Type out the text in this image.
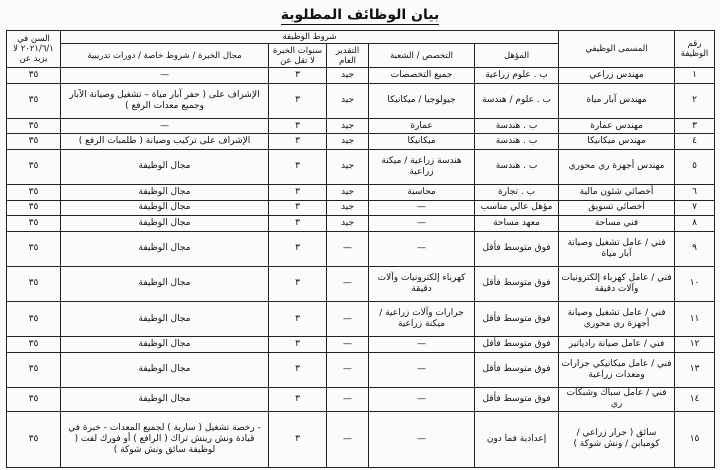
بيان الوظائف المطلوبة
رقم الوظيفة	المسمى الوظيفي	شروط الوظيفة					السن في ٢٠٢١/٦/١ لا يزيد عن
		المؤهل	التخصص / الشعبة	التقدير العام	سنوات الخبرة لا تقل عن	مجال الخبرة / شروط خاصة / دورات تدريبية	
١	مهندس زراعي	ب . علوم زراعية	جميع التخصصات	جيد	٣	—	٣٥
٢	مهندس آبار مياة	ب . علوم / هندسة	جيولوجيا / ميكانيكا	جيد	٣	الإشراف على ( حفر آبار مياة – تشغيل وصيانة الآبار وجميع معدات الرفع )	٣٥
٣	مهندس عمارة	ب . هندسة	عمارة	جيد	٣	—	٣٥
٤	مهندس ميكانيكا	ب . هندسة	ميكانيكا	جيد	٣	الإشراف على تركيب وصيانة ( طلمبات الرفع )	٣٥
٥	مهندس أجهزة ري محوري	ب . هندسة	هندسة زراعية / ميكنة زراعية	جيد	٣	مجال الوظيفة	٣٥
٦	أخصائي شئون مالية	ب . تجارة	محاسبة	جيد	٣	مجال الوظيفة	٣٥
٧	أخصائي تسويق	مؤهل عالي مناسب	—	جيد	٣	مجال الوظيفة	٣٥
٨	فني مساحة	معهد مساحة	—	جيد	٣	مجال الوظيفة	٣٥
٩	فني / عامل تشغيل وصيانة آبار مياة	فوق متوسط فأقل	—	—	٣	مجال الوظيفة	٣٥
١٠	فني / عامل كهرباء إلكترونيات وآلات دقيقة	فوق متوسط فأقل	كهرباء إلكترونيات وآلات دقيقة	—	٣	مجال الوظيفة	٣٥
١١	فني / عامل تشغيل وصيانة أجهزة ري محوري	فوق متوسط فأقل	جرارات وآلات زراعية / ميكنة زراعية	—	٣	مجال الوظيفة	٣٥
١٢	فني / عامل صيانة رادياتير	فوق متوسط فأقل	—	—	٣	مجال الوظيفة	٣٥
١٣	فني / عامل ميكانيكي جرارات ومعدات زراعية	فوق متوسط فأقل	—	—	٣	مجال الوظيفة	٣٥
١٤	فني / عامل سباك وشبكات ري	فوق متوسط فأقل	—	—	٣	مجال الوظيفة	٣٥
١٥	سائق ( جرار زراعي / كومبابن / ونش شوكة )	إعدادية فما دون	—	—	٣	- رخصة تشغيل ( سارية ) لجميع المعدات - خبرة في قيادة ونش رينش تراك ( الرافع ) أو فورك لفت ( لوظيفة سائق ونش شوكة )	٣٥
